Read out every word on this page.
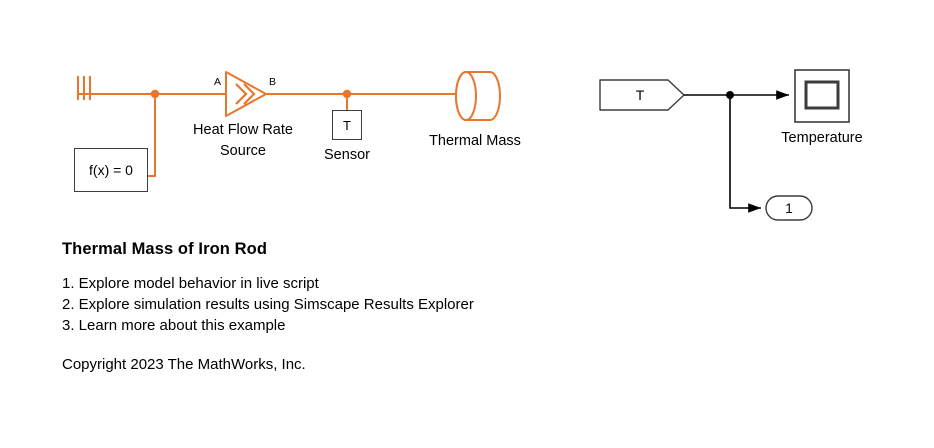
f(x) = 0
A	B
Heat Flow Rate
Source
T
Sensor
Thermal Mass
T
Temperature
1
Thermal Mass of Iron Rod
1. Explore model behavior in live script
2. Explore simulation results using Simscape Results Explorer
3. Learn more about this example
Copyright 2023 The MathWorks, Inc.
